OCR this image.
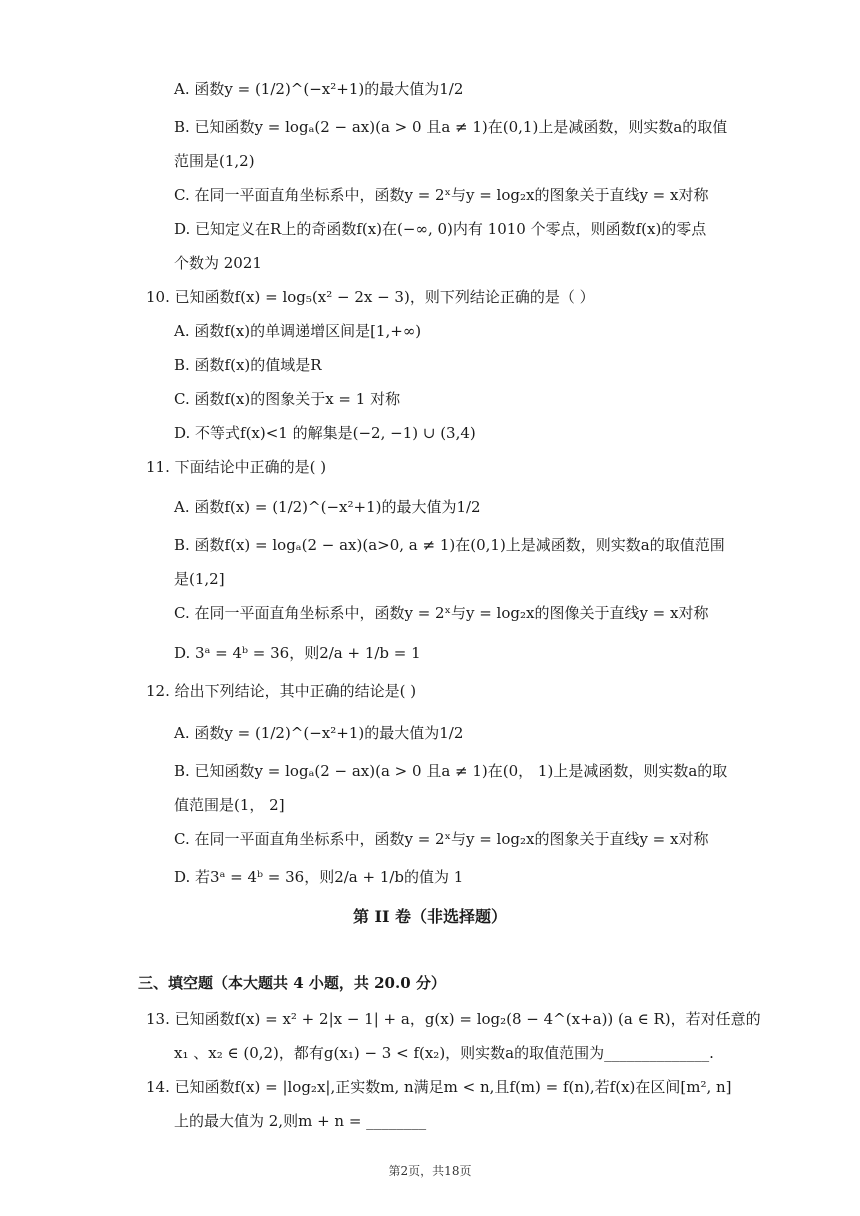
A. 函数y = (1/2)^(−x²+1)的最大值为1/2
B. 已知函数y = logₐ(2 − ax)(a > 0 且a ≠ 1)在(0,1)上是减函数，则实数a的取值
范围是(1,2)
C. 在同一平面直角坐标系中，函数y = 2ˣ与y = log₂x的图象关于直线y = x对称
D. 已知定义在R上的奇函数f(x)在(−∞, 0)内有 1010 个零点，则函数f(x)的零点
个数为 2021
10. 已知函数f(x) = log₅(x² − 2x − 3)，则下列结论正确的是（ ）
A. 函数f(x)的单调递增区间是[1,+∞)
B. 函数f(x)的值域是R
C. 函数f(x)的图象关于x = 1 对称
D. 不等式f(x)<1 的解集是(−2, −1) ∪ (3,4)
11. 下面结论中正确的是( )
A. 函数f(x) = (1/2)^(−x²+1)的最大值为1/2
B. 函数f(x) = logₐ(2 − ax)(a>0, a ≠ 1)在(0,1)上是减函数，则实数a的取值范围
是(1,2]
C. 在同一平面直角坐标系中，函数y = 2ˣ与y = log₂x的图像关于直线y = x对称
D. 3ᵃ = 4ᵇ = 36，则2/a + 1/b = 1
12. 给出下列结论，其中正确的结论是( )
A. 函数y = (1/2)^(−x²+1)的最大值为1/2
B. 已知函数y = logₐ(2 − ax)(a > 0 且a ≠ 1)在(0， 1)上是减函数，则实数a的取
值范围是(1， 2]
C. 在同一平面直角坐标系中，函数y = 2ˣ与y = log₂x的图象关于直线y = x对称
D. 若3ᵃ = 4ᵇ = 36，则2/a + 1/b的值为 1
第 II 卷（非选择题）
三、填空题（本大题共 4 小题，共 20.0 分）
13. 已知函数f(x) = x² + 2|x − 1| + a，g(x) = log₂(8 − 4^(x+a)) (a ∈ R)，若对任意的
x₁ 、x₂ ∈ (0,2)，都有g(x₁) − 3 < f(x₂)，则实数a的取值范围为______________.
14. 已知函数f(x) = |log₂x|,正实数m, n满足m < n,且f(m) = f(n),若f(x)在区间[m², n]
上的最大值为 2,则m + n = ________
第2页，共18页
